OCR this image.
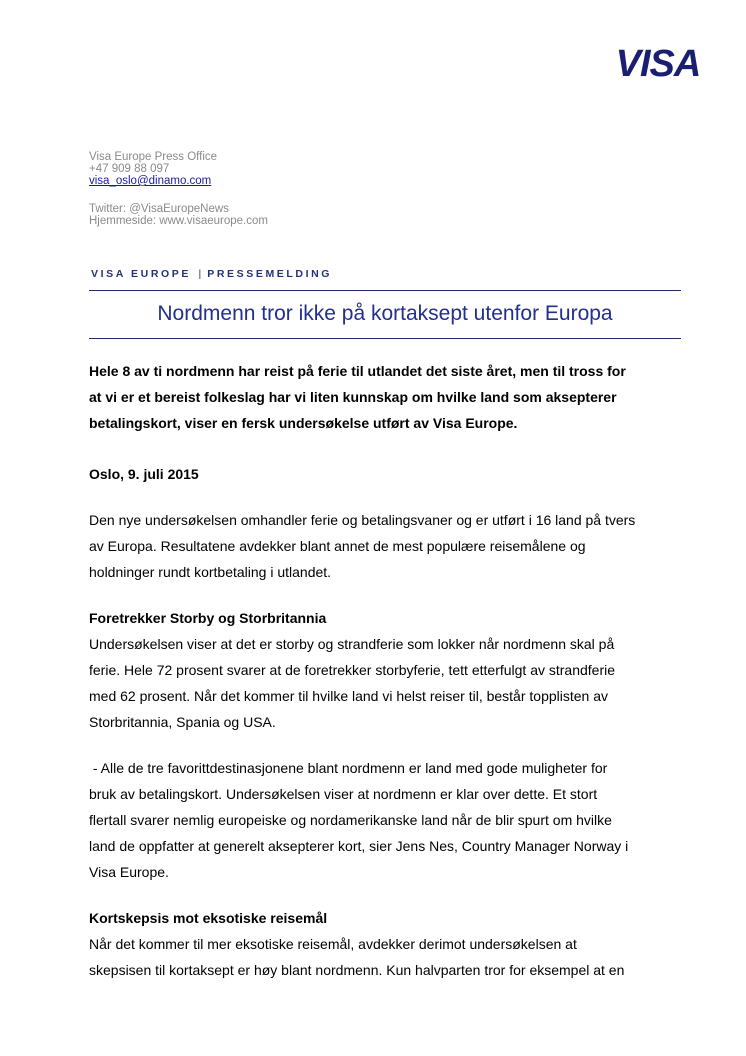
VISA
Visa Europe Press Office
+47 909 88 097
visa_oslo@dinamo.com
Twitter: @VisaEuropeNews
Hjemmeside: www.visaeurope.com
VISA EUROPE | PRESSEMELDING
Nordmenn tror ikke på kortaksept utenfor Europa

Hele 8 av ti nordmenn har reist på ferie til utlandet det siste året, men til tross for

at vi er et bereist folkeslag har vi liten kunnskap om hvilke land som aksepterer

betalingskort, viser en fersk undersøkelse utført av Visa Europe.

Oslo, 9. juli 2015

Den nye undersøkelsen omhandler ferie og betalingsvaner og er utført i 16 land på tvers

av Europa. Resultatene avdekker blant annet de mest populære reisemålene og

holdninger rundt kortbetaling i utlandet.

Foretrekker Storby og Storbritannia

Undersøkelsen viser at det er storby og strandferie som lokker når nordmenn skal på

ferie. Hele 72 prosent svarer at de foretrekker storbyferie, tett etterfulgt av strandferie

med 62 prosent. Når det kommer til hvilke land vi helst reiser til, består topplisten av

Storbritannia, Spania og USA.

- Alle de tre favorittdestinasjonene blant nordmenn er land med gode muligheter for

bruk av betalingskort. Undersøkelsen viser at nordmenn er klar over dette. Et stort

flertall svarer nemlig europeiske og nordamerikanske land når de blir spurt om hvilke

land de oppfatter at generelt aksepterer kort, sier Jens Nes, Country Manager Norway i

Visa Europe.

Kortskepsis mot eksotiske reisemål

Når det kommer til mer eksotiske reisemål, avdekker derimot undersøkelsen at

skepsisen til kortaksept er høy blant nordmenn. Kun halvparten tror for eksempel at en
